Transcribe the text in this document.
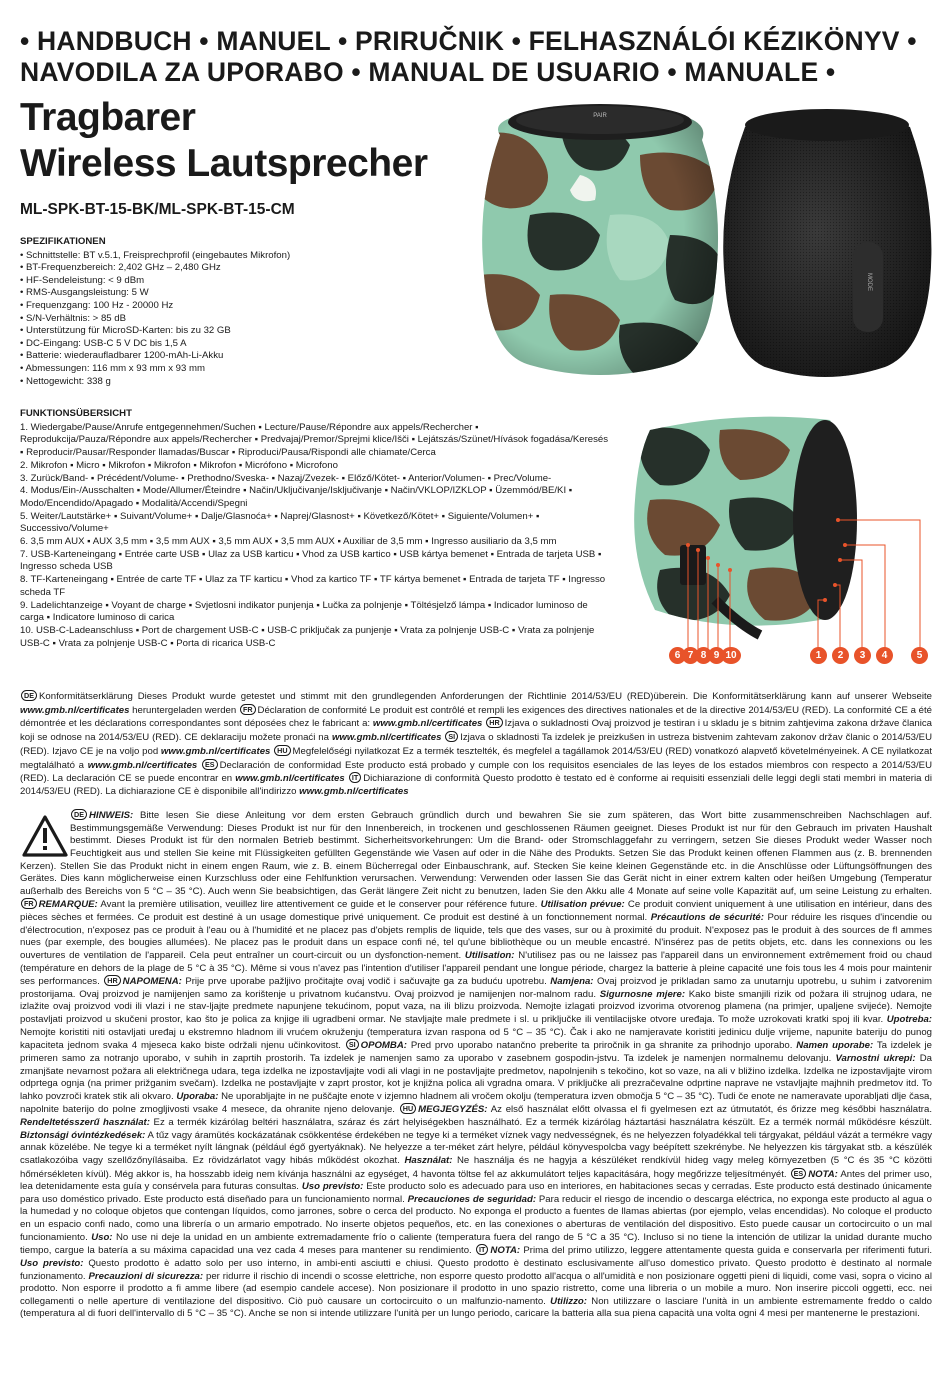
• HANDBUCH • MANUEL • PRIRUČNIK • FELHASZNÁLÓI KÉZIKÖNYV •
NAVODILA ZA UPORABO • MANUAL DE USUARIO • MANUALE •
Tragbarer
Wireless Lautsprecher
ML-SPK-BT-15-BK/ML-SPK-BT-15-CM
SPEZIFIKATIONEN
• Schnittstelle: BT v.5.1, Freisprechprofil (eingebautes Mikrofon)
• BT-Frequenzbereich: 2,402 GHz – 2,480 GHz
• HF-Sendeleistung: < 9 dBm
• RMS-Ausgangsleistung: 5 W
• Frequenzgang: 100 Hz - 20000 Hz
• S/N-Verhältnis: > 85 dB
• Unterstützung für MicroSD-Karten: bis zu 32 GB
• DC-Eingang: USB-C 5 V DC bis 1,5 A
• Batterie: wiederaufladbarer 1200-mAh-Li-Akku
• Abmessungen: 116 mm x 93 mm x 93 mm
• Nettogewicht: 338 g
FUNKTIONSÜBERSICHT
1. Wiedergabe/Pause/Anrufe entgegennehmen/Suchen ▪ Lecture/Pause/Répondre aux appels/Rechercher ▪ Reprodukcija/Pauza/Répondre aux appels/Rechercher ▪ Predvajaj/Premor/Sprejmi klice/Išči ▪ Lejátszás/Szünet/Hívások fogadása/Keresés ▪ Reproducir/Pausar/Responder llamadas/Buscar ▪ Riproduci/Pausa/Rispondi alle chiamate/Cerca
2. Mikrofon ▪ Micro ▪ Mikrofon ▪ Mikrofon ▪ Mikrofon ▪ Micrófono ▪ Microfono
3. Zurück/Band- ▪ Précédent/Volume- ▪ Prethodno/Sveska- ▪ Nazaj/Zvezek- ▪ Előző/Kötet- ▪ Anterior/Volumen- ▪ Prec/Volume-
4. Modus/Ein-/Ausschalten ▪ Mode/Allumer/Éteindre ▪ Način/Uključivanje/Isključivanje ▪ Način/VKLOP/IZKLOP ▪ Üzemmód/BE/KI ▪ Modo/Encendido/Apagado ▪ Modalità/Accendi/Spegni
5. Weiter/Lautstärke+ ▪ Suivant/Volume+ ▪ Dalje/Glasnoća+ ▪ Naprej/Glasnost+ ▪ Következő/Kötet+ ▪ Siguiente/Volumen+ ▪ Successivo/Volume+
6. 3,5 mm AUX ▪ AUX 3,5 mm ▪ 3,5 mm AUX ▪ 3,5 mm AUX ▪ 3,5 mm AUX ▪ Auxiliar de 3,5 mm ▪ Ingresso ausiliario da 3,5 mm
7. USB-Karteneingang ▪ Entrée carte USB ▪ Ulaz za USB karticu ▪ Vhod za USB kartico ▪ USB kártya bemenet ▪ Entrada de tarjeta USB ▪ Ingresso scheda USB
8. TF-Karteneingang ▪ Entrée de carte TF ▪ Ulaz za TF karticu ▪ Vhod za kartico TF ▪ TF kártya bemenet ▪ Entrada de tarjeta TF ▪ Ingresso scheda TF
9. Ladelichtanzeige ▪ Voyant de charge ▪ Svjetlosni indikator punjenja ▪ Lučka za polnjenje ▪ Töltésjelző lámpa ▪ Indicador luminoso de carga ▪ Indicatore luminoso di carica
10. USB-C-Ladeanschluss ▪ Port de chargement USB-C ▪ USB-C priključak za punjenje ▪ Vrata za polnjenje USB-C ▪ Vrata za polnjenje USB-C ▪ Vrata za polnjenje USB-C ▪ Porta di ricarica USB-C
PAIR
MODE
6 7 8 9 10	1	2	3	4	5
DE Konformitätserklärung Dieses Produkt wurde getestet und stimmt mit den grundlegenden Anforderungen der Richtlinie 2014/53/EU (RED)überein. Die Konformitätserklärung kann auf unserer Webseite www.gmb.nl/certificates heruntergeladen werden FR Déclaration de conformité Le produit est contrôlé et rempli les exigences des directives nationales et de la directive 2014/53/EU (RED). La conformité CE a été démontrée et les déclarations correspondantes sont déposées chez le fabricant a: www.gmb.nl/certificates HR Izjava o sukladnosti Ovaj proizvod je testiran i u skladu je s bitnim zahtjevima zakona države članica koji se odnose na 2014/53/EU (RED). CE deklaraciju možete pronaći na www.gmb.nl/certificates SI Izjava o skladnosti Ta izdelek je preizkušen in ustreza bistvenim zahtevam zakonov držav članic o 2014/53/EU (RED). Izjavo CE je na voljo pod www.gmb.nl/certificates HU Megfelelőségi nyilatkozat Ez a termék tesztelték, és megfelel a tagállamok 2014/53/EU (RED) vonatkozó alapvető követelményeinek. A CE nyilatkozat megtalálható a www.gmb.nl/certificates ES Declaración de conformidad Este producto está probado y cumple con los requisitos esenciales de las leyes de los estados miembros con respecto a 2014/53/EU (RED). La declaración CE se puede encontrar en www.gmb.nl/certificates IT Dichiarazione di conformità Questo prodotto è testato ed è conforme ai requisiti essenziali delle leggi degli stati membri in materia di 2014/53/EU (RED). La dichiarazione CE è disponibile all'indirizzo www.gmb.nl/certificates
DE HINWEIS: Bitte lesen Sie diese Anleitung vor dem ersten Gebrauch gründlich durch und bewahren Sie sie zum späteren, das Wort bitte zusammenschreiben Nachschlagen auf. Bestimmungsgemäße Verwendung: Dieses Produkt ist nur für den Innenbereich, in trockenen und geschlossenen Räumen geeignet. Dieses Produkt ist nur für den Gebrauch im privaten Haushalt bestimmt. Dieses Produkt ist für den normalen Betrieb bestimmt. Sicherheitsvorkehrungen: Um die Brand- oder Stromschlaggefahr zu verringern, setzen Sie dieses Produkt weder Wasser noch Feuchtigkeit aus und stellen Sie keine mit Flüssigkeiten gefüllten Gegenstände wie Vasen auf oder in die Nähe des Produkts. Setzen Sie das Produkt keinen offenen Flammen aus (z. B. brennenden Kerzen). Stellen Sie das Produkt nicht in einem engen Raum, wie z. B. einem Bücherregal oder Einbauschrank, auf. Stecken Sie keine kleinen Gegenstände etc. in die Anschlüsse oder Lüftungsöffnungen des Gerätes. Dies kann möglicherweise einen Kurzschluss oder eine Fehlfunktion verursachen. Verwendung: Verwenden oder lassen Sie das Gerät nicht in einer extrem kalten oder heißen Umgebung (Temperatur außerhalb des Bereichs von 5 °C – 35 °C). Auch wenn Sie beabsichtigen, das Gerät längere Zeit nicht zu benutzen, laden Sie den Akku alle 4 Monate auf seine volle Kapazität auf, um seine Leistung zu erhalten. FR REMARQUE: Avant la première utilisation, veuillez lire attentivement ce guide et le conserver pour référence future. Utilisation prévue: Ce produit convient uniquement à une utilisation en intérieur, dans des pièces sèches et fermées. Ce produit est destiné à un usage domestique privé uniquement. Ce produit est destiné à un fonctionnement normal. Précautions de sécurité: Pour réduire les risques d'incendie ou d'électrocution, n'exposez pas ce produit à l'eau ou à l'humidité et ne placez pas d'objets remplis de liquide, tels que des vases, sur ou à proximité du produit. N'exposez pas le produit à des sources de fl ammes nues (par exemple, des bougies allumées). Ne placez pas le produit dans un espace confi né, tel qu'une bibliothèque ou un meuble encastré. N'insérez pas de petits objets, etc. dans les connexions ou les ouvertures de ventilation de l'appareil. Cela peut entraîner un court-circuit ou un dysfonction-nement. Utilisation: N'utilisez pas ou ne laissez pas l'appareil dans un environnement extrêmement froid ou chaud (température en dehors de la plage de 5 °C à 35 °C). Même si vous n'avez pas l'intention d'utiliser l'appareil pendant une longue période, chargez la batterie à pleine capacité une fois tous les 4 mois pour maintenir ses performances. HR NAPOMENA: Prije prve uporabe pažljivo pročitajte ovaj vodič i sačuvajte ga za buduću upotrebu. Namjena: Ovaj proizvod je prikladan samo za unutarnju upotrebu, u suhim i zatvorenim prostorijama. Ovaj proizvod je namijenjen samo za korištenje u privatnom kućanstvu. Ovaj proizvod je namijenjen nor-malnom radu. Sigurnosne mjere: Kako biste smanjili rizik od požara ili strujnog udara, ne izlažite ovaj proizvod vodi ili vlazi i ne stav-ljajte predmete napunjene tekućinom, poput vaza, na ili blizu proizvoda. Nemojte izlagati proizvod izvorima otvorenog plamena (na primjer, upaljene svijeće). Nemojte postavljati proizvod u skučeni prostor, kao što je polica za knjige ili ugradbeni ormar. Ne stavljajte male predmete i sl. u priključke ili ventilacijske otvore uređaja. To može uzrokovati kratki spoj ili kvar. Upotreba: Nemojte koristiti niti ostavljati uređaj u ekstremno hladnom ili vrućem okruženju (temperatura izvan raspona od 5 °C – 35 °C). Čak i ako ne namjeravate koristiti jedinicu dulje vrijeme, napunite bateriju do punog kapaciteta jednom svaka 4 mjeseca kako biste održali njenu učinkovitost. SI OPOMBA: Pred prvo uporabo natančno preberite ta priročnik in ga shranite za prihodnjo uporabo. Namen uporabe: Ta izdelek je primeren samo za notranjo uporabo, v suhih in zaprtih prostorih. Ta izdelek je namenjen samo za uporabo v zasebnem gospodin-jstvu. Ta izdelek je namenjen normalnemu delovanju. Varnostni ukrepi: Da zmanjšate nevarnost požara ali električnega udara, tega izdelka ne izpostavljajte vodi ali vlagi in ne postavljajte predmetov, napolnjenih s tekočino, kot so vaze, na ali v bližino izdelka. Izdelka ne izpostavljajte virom odprtega ognja (na primer prižganim svečam). Izdelka ne postavljajte v zaprt prostor, kot je knjižna polica ali vgradna omara. V priključke ali prezračevalne odprtine naprave ne vstavljajte majhnih predmetov itd. To lahko povzroči kratek stik ali okvaro. Uporaba: Ne uporabljajte in ne puščajte enote v izjemno hladnem ali vročem okolju (temperatura izven območja 5 °C – 35 °C). Tudi če enote ne nameravate uporabljati dlje časa, napolnite baterijo do polne zmogljivosti vsake 4 mesece, da ohranite njeno delovanje. HU MEGJEGYZÉS: Az első használat előtt olvassa el fi gyelmesen ezt az útmutatót, és őrizze meg későbbi használatra. Rendeltetésszerű használat: Ez a termék kizárólag beltéri használatra, száraz és zárt helyiségekben használható. Ez a termék kizárólag háztartási használatra készült. Ez a termék normál működésre készült. Biztonsági óvintézkedések: A tűz vagy áramütés kockázatának csökkentése érdekében ne tegye ki a terméket víznek vagy nedvességnek, és ne helyezzen folyadékkal teli tárgyakat, például vázát a termékre vagy annak közelébe. Ne tegye ki a terméket nyílt lángnak (például égő gyertyáknak). Ne helyezze a ter-méket zárt helyre, például könyvespolcba vagy beépített szekrénybe. Ne helyezzen kis tárgyakat stb. a készülék csatlakozóiba vagy szellőzőnyílásaiba. Ez rövidzárlatot vagy hibás működést okozhat. Használat: Ne használja és ne hagyja a készüléket rendkívül hideg vagy meleg környezetben (5 °C és 35 °C közötti hőmérsékleten kívül). Még akkor is, ha hosszabb ideig nem kívánja használni az egységet, 4 havonta töltse fel az akkumulátort teljes kapacitására, hogy megőrizze teljesítményét. ES NOTA: Antes del primer uso, lea detenidamente esta guía y consérvela para futuras consultas. Uso previsto: Este producto solo es adecuado para uso en interiores, en habitaciones secas y cerradas. Este producto está destinado únicamente para uso doméstico privado. Este producto está diseñado para un funcionamiento normal. Precauciones de seguridad: Para reducir el riesgo de incendio o descarga eléctrica, no exponga este producto al agua o la humedad y no coloque objetos que contengan líquidos, como jarrones, sobre o cerca del producto. No exponga el producto a fuentes de llamas abiertas (por ejemplo, velas encendidas). No coloque el producto en un espacio confi nado, como una librería o un armario empotrado. No inserte objetos pequeños, etc. en las conexiones o aberturas de ventilación del dispositivo. Esto puede causar un cortocircuito o un mal funcionamiento. Uso: No use ni deje la unidad en un ambiente extremadamente frío o caliente (temperatura fuera del rango de 5 °C a 35 °C). Incluso si no tiene la intención de utilizar la unidad durante mucho tiempo, cargue la batería a su máxima capacidad una vez cada 4 meses para mantener su rendimiento. IT NOTA: Prima del primo utilizzo, leggere attentamente questa guida e conservarla per riferimenti futuri. Uso previsto: Questo prodotto è adatto solo per uso interno, in ambi-enti asciutti e chiusi. Questo prodotto è destinato esclusivamente all'uso domestico privato. Questo prodotto è destinato al normale funzionamento. Precauzioni di sicurezza: per ridurre il rischio di incendi o scosse elettriche, non esporre questo prodotto all'acqua o all'umidità e non posizionare oggetti pieni di liquidi, come vasi, sopra o vicino al prodotto. Non esporre il prodotto a fi amme libere (ad esempio candele accese). Non posizionare il prodotto in uno spazio ristretto, come una libreria o un mobile a muro. Non inserire piccoli oggetti, ecc. nei collegamenti o nelle aperture di ventilazione del dispositivo. Ciò può causare un cortocircuito o un malfunzio-namento. Utilizzo: Non utilizzare o lasciare l'unità in un ambiente estremamente freddo o caldo (temperatura al di fuori dell'intervallo di 5 °C – 35 °C). Anche se non si intende utilizzare l'unità per un lungo periodo, caricare la batteria alla sua piena capacità una volta ogni 4 mesi per mantenerne le prestazioni.
